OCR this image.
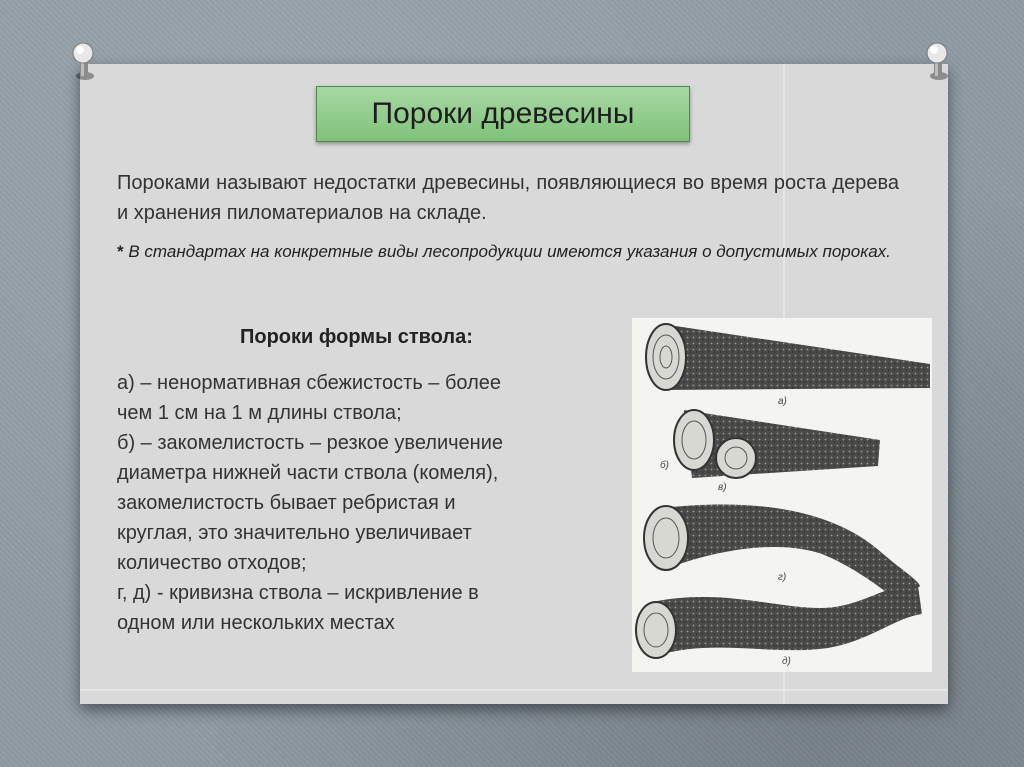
Пороки древесины
Пороками называют недостатки древесины, появляющиеся во время роста дерева и хранения пиломатериалов на складе.
* В стандартах на конкретные виды лесопродукции имеются указания о допустимых пороках.
Пороки формы ствола:
а) – ненормативная сбежистость – более
чем 1 см на 1 м длины ствола;
б) – закомелистость – резкое увеличение
диаметра нижней части ствола (комеля),
закомелистость бывает ребристая и
круглая, это значительно увеличивает
количество отходов;
г, д) - кривизна ствола – искривление в
одном или нескольких местах
а)
б)
в)
г)
д)
